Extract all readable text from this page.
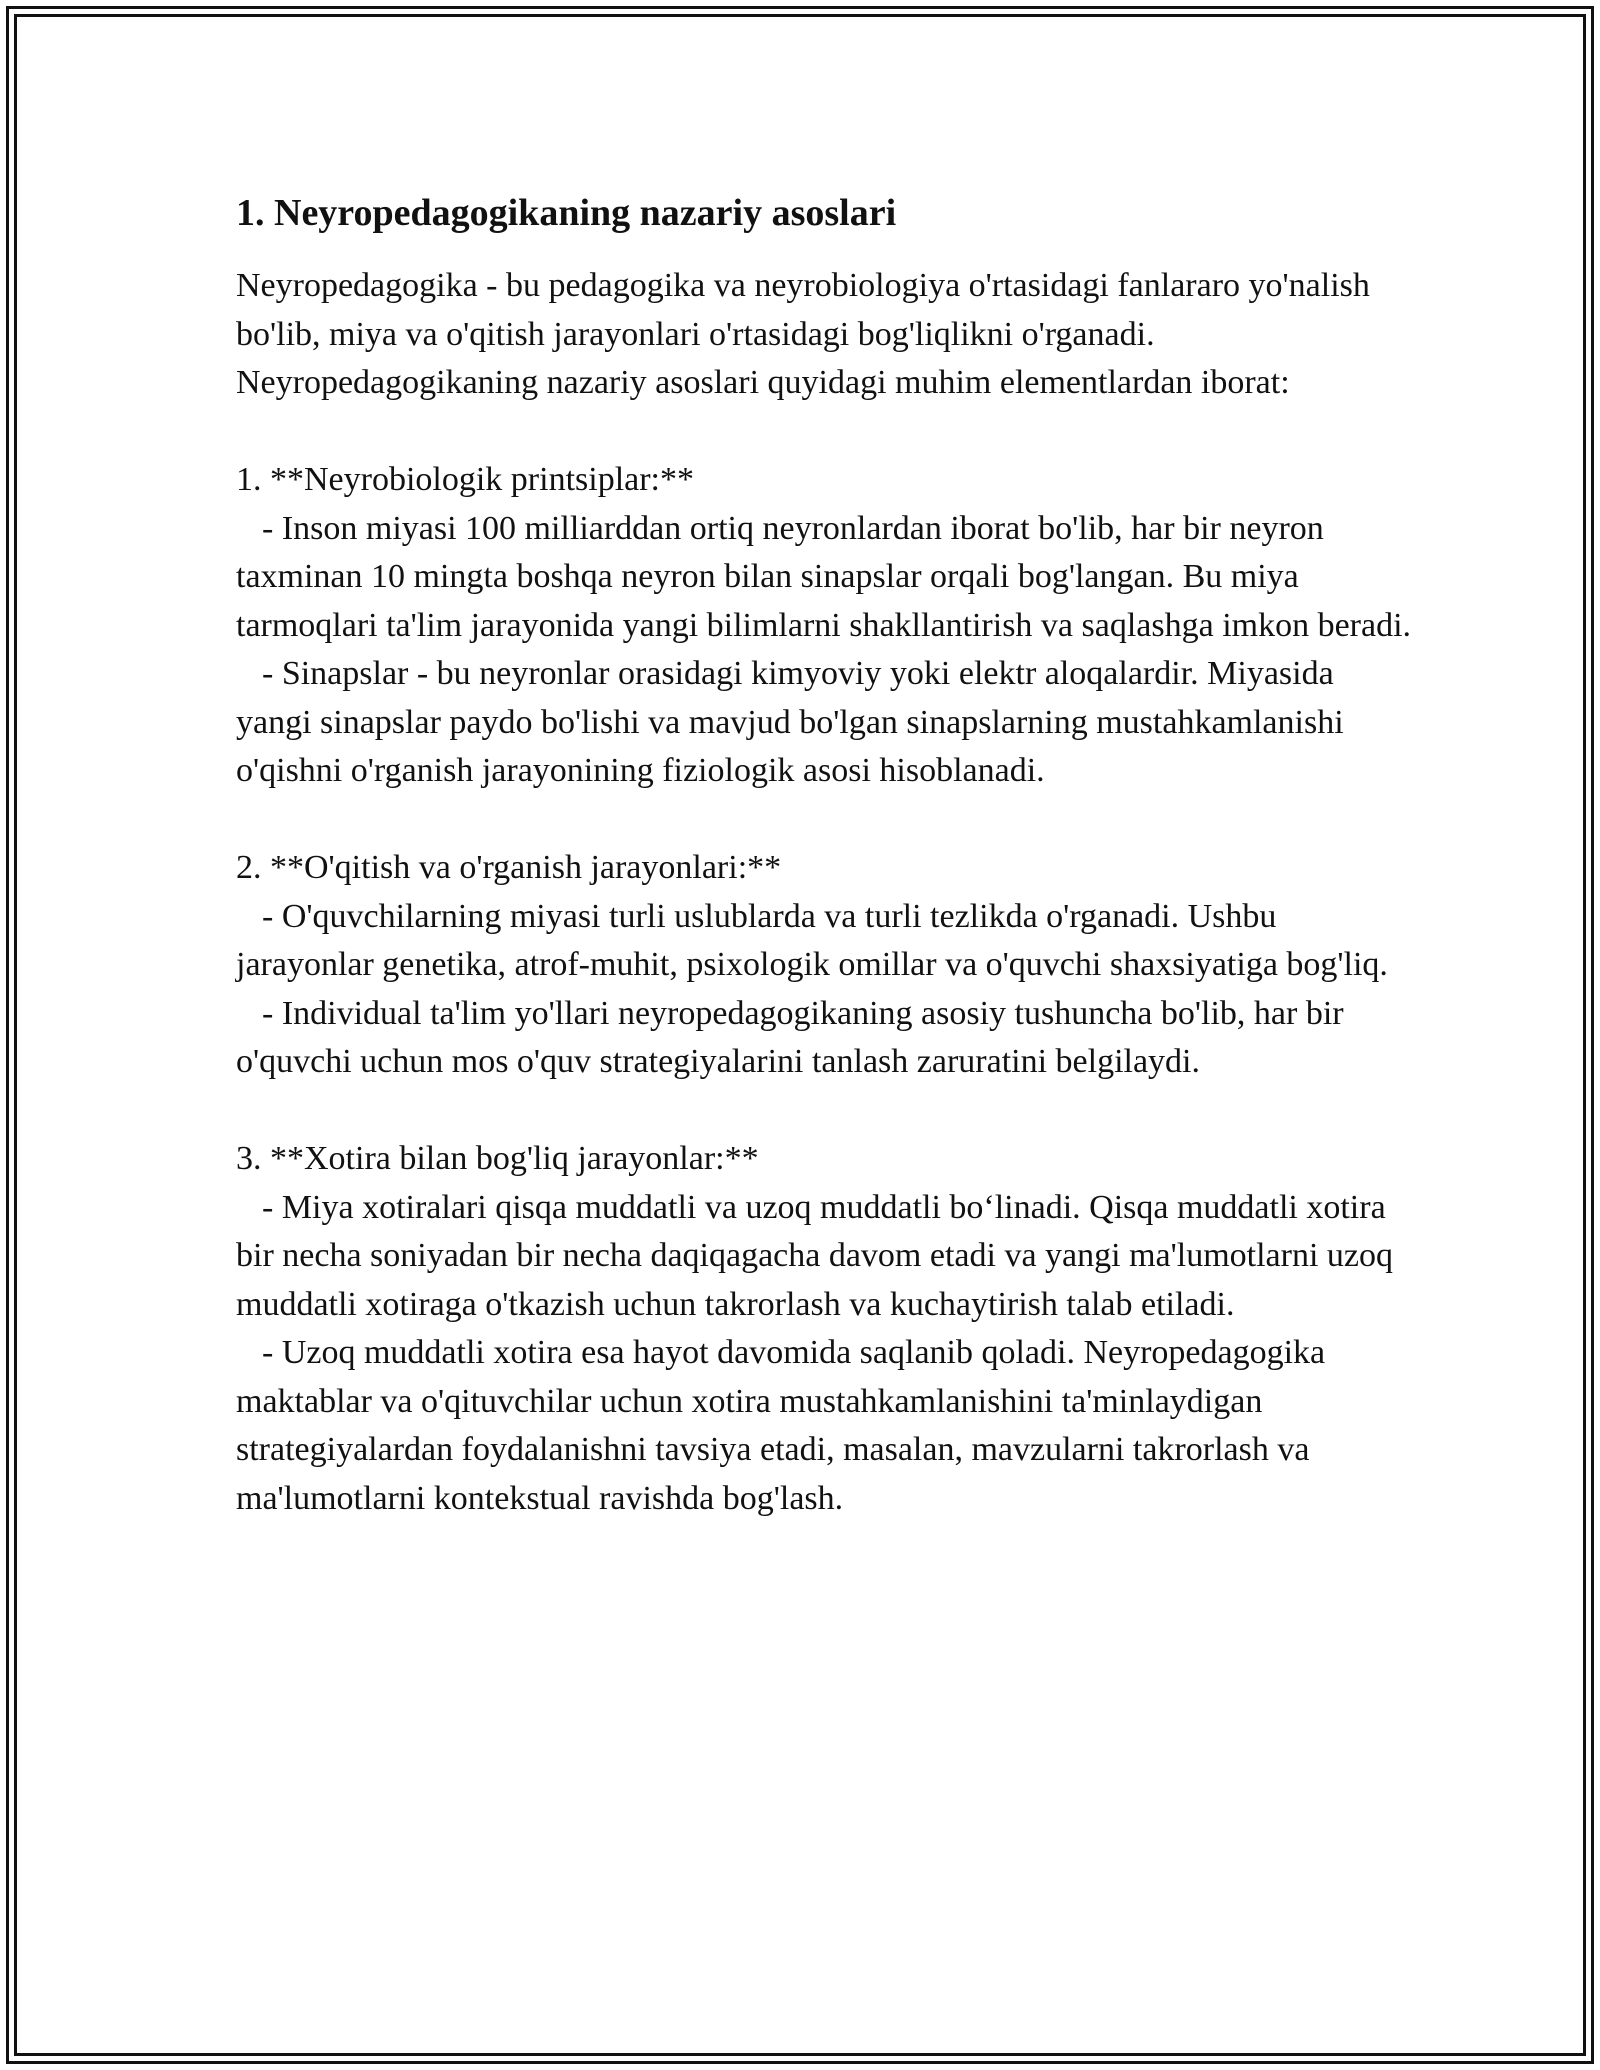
1. Neyropedagogikaning nazariy asoslari

Neyropedagogika - bu pedagogika va neyrobiologiya o'rtasidagi fanlararo yo'nalish bo'lib, miya va o'qitish jarayonlari o'rtasidagi bog'liqlikni o'rganadi. Neyropedagogikaning nazariy asoslari quyidagi muhim elementlardan iborat:

1. **Neyrobiologik printsiplar:**

- Inson miyasi 100 milliarddan ortiq neyronlardan iborat bo'lib, har bir neyron taxminan 10 mingta boshqa neyron bilan sinapslar orqali bog'langan. Bu miya tarmoqlari ta'lim jarayonida yangi bilimlarni shakllantirish va saqlashga imkon beradi.

- Sinapslar - bu neyronlar orasidagi kimyoviy yoki elektr aloqalardir. Miyasida yangi sinapslar paydo bo'lishi va mavjud bo'lgan sinapslarning mustahkamlanishi o'qishni o'rganish jarayonining fiziologik asosi hisoblanadi.

2. **O'qitish va o'rganish jarayonlari:**

- O'quvchilarning miyasi turli uslublarda va turli tezlikda o'rganadi. Ushbu jarayonlar genetika, atrof-muhit, psixologik omillar va o'quvchi shaxsiyatiga bog'liq.

- Individual ta'lim yo'llari neyropedagogikaning asosiy tushuncha bo'lib, har bir o'quvchi uchun mos o'quv strategiyalarini tanlash zaruratini belgilaydi.

3. **Xotira bilan bog'liq jarayonlar:**

- Miya xotiralari qisqa muddatli va uzoq muddatli bo‘linadi. Qisqa muddatli xotira bir necha soniyadan bir necha daqiqagacha davom etadi va yangi ma'lumotlarni uzoq muddatli xotiraga o'tkazish uchun takrorlash va kuchaytirish talab etiladi.

- Uzoq muddatli xotira esa hayot davomida saqlanib qoladi. Neyropedagogika maktablar va o'qituvchilar uchun xotira mustahkamlanishini ta'minlaydigan strategiyalardan foydalanishni tavsiya etadi, masalan, mavzularni takrorlash va ma'lumotlarni kontekstual ravishda bog'lash.
